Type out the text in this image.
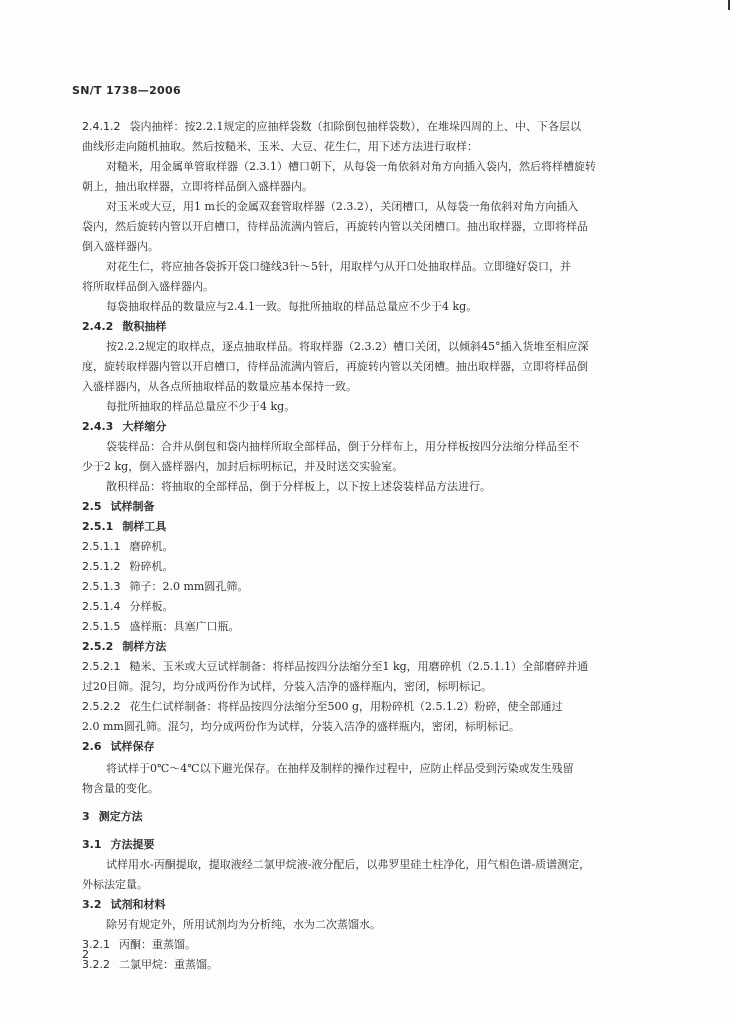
SN/T 1738—2006
2.4.1.2 袋内抽样：按2.2.1规定的应抽样袋数（扣除倒包抽样袋数），在堆垛四周的上、中、下各层以
曲线形走向随机抽取。然后按糙米、玉米、大豆、花生仁，用下述方法进行取样：
对糙米，用金属单管取样器（2.3.1）槽口朝下，从每袋一角依斜对角方向插入袋内，然后将样槽旋转
朝上，抽出取样器，立即将样品倒入盛样器内。
对玉米或大豆，用1 m长的金属双套管取样器（2.3.2），关闭槽口，从每袋一角依斜对角方向插入
袋内，然后旋转内管以开启槽口，待样品流满内管后，再旋转内管以关闭槽口。抽出取样器，立即将样品
倒入盛样器内。
对花生仁，将应抽各袋拆开袋口缝线3针～5针，用取样勺从开口处抽取样品。立即缝好袋口，并
将所取样品倒入盛样器内。
每袋抽取样品的数量应与2.4.1一致。每批所抽取的样品总量应不少于4 kg。
2.4.2 散积抽样
按2.2.2规定的取样点，逐点抽取样品。将取样器（2.3.2）槽口关闭，以倾斜45°插入货堆至相应深
度，旋转取样器内管以开启槽口，待样品流满内管后，再旋转内管以关闭槽。抽出取样器，立即将样品倒
入盛样器内，从各点所抽取样品的数量应基本保持一致。
每批所抽取的样品总量应不少于4 kg。
2.4.3 大样缩分
袋装样品：合并从倒包和袋内抽样所取全部样品，倒于分样布上，用分样板按四分法缩分样品至不
少于2 kg，倒入盛样器内，加封后标明标记，并及时送交实验室。
散积样品：将抽取的全部样品，倒于分样板上，以下按上述袋装样品方法进行。
2.5 试样制备
2.5.1 制样工具
2.5.1.1 磨碎机。
2.5.1.2 粉碎机。
2.5.1.3 筛子：2.0 mm圆孔筛。
2.5.1.4 分样板。
2.5.1.5 盛样瓶：具塞广口瓶。
2.5.2 制样方法
2.5.2.1 糙米、玉米或大豆试样制备：将样品按四分法缩分至1 kg，用磨碎机（2.5.1.1）全部磨碎并通
过20目筛。混匀，均分成两份作为试样，分装入洁净的盛样瓶内，密闭，标明标记。
2.5.2.2 花生仁试样制备：将样品按四分法缩分至500 g，用粉碎机（2.5.1.2）粉碎，使全部通过
2.0 mm圆孔筛。混匀，均分成两份作为试样，分装入洁净的盛样瓶内，密闭，标明标记。
2.6 试样保存
将试样于0℃～4℃以下避光保存。在抽样及制样的操作过程中，应防止样品受到污染或发生残留
物含量的变化。
3 测定方法
3.1 方法提要
试样用水-丙酮提取，提取液经二氯甲烷液-液分配后，以弗罗里硅土柱净化，用气相色谱-质谱测定，
外标法定量。
3.2 试剂和材料
除另有规定外，所用试剂均为分析纯，水为二次蒸馏水。
3.2.1 丙酮：重蒸馏。
3.2.2 二氯甲烷：重蒸馏。
2
